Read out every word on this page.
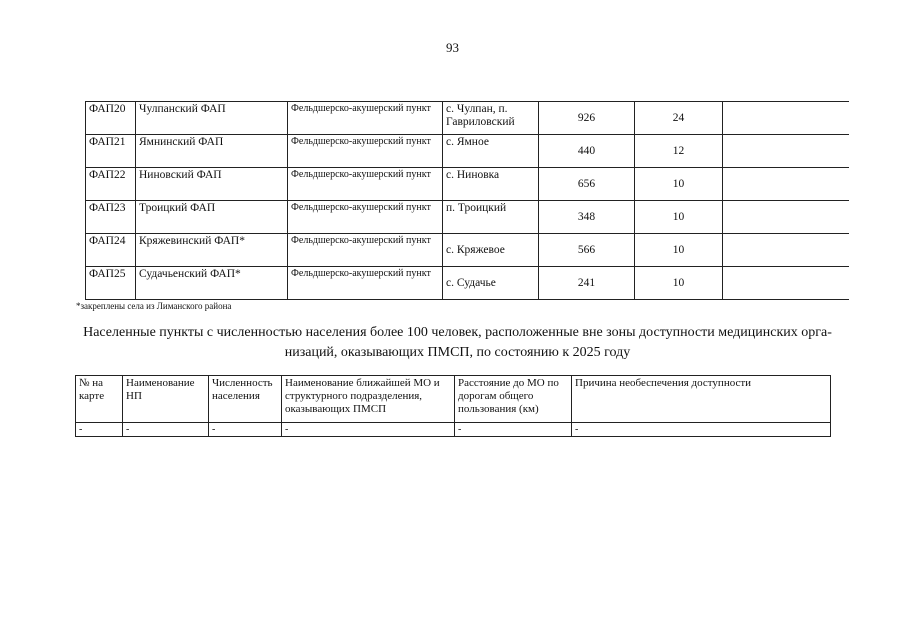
93
ФАП20	Чулпанский ФАП	Фельдшерско-акушерский пункт	с. Чулпан, п. Гавриловский	926	24	
ФАП21	Ямнинский ФАП	Фельдшерско-акушерский пункт	с. Ямное	440	12	
ФАП22	Ниновский ФАП	Фельдшерско-акушерский пункт	с. Ниновка	656	10	
ФАП23	Троицкий ФАП	Фельдшерско-акушерский пункт	п. Троицкий	348	10	
ФАП24	Кряжевинский ФАП*	Фельдшерско-акушерский пункт	с. Кряжевое	566	10	
ФАП25	Судачьенский ФАП*	Фельдшерско-акушерский пункт	с. Судачье	241	10	
*закреплены села из Лиманского района
Населенные пункты с численностью населения более 100 человек, расположенные вне зоны доступности медицинских орга-
низаций, оказывающих ПМСП, по состоянию к 2025 году
№ на карте	Наименование НП	Численность населения	Наименование ближайшей МО и структурного подразделения, оказывающих ПМСП	Расстояние до МО по дорогам общего пользования (км)	Причина необеспечения доступности
-	-	-	-	-	-
